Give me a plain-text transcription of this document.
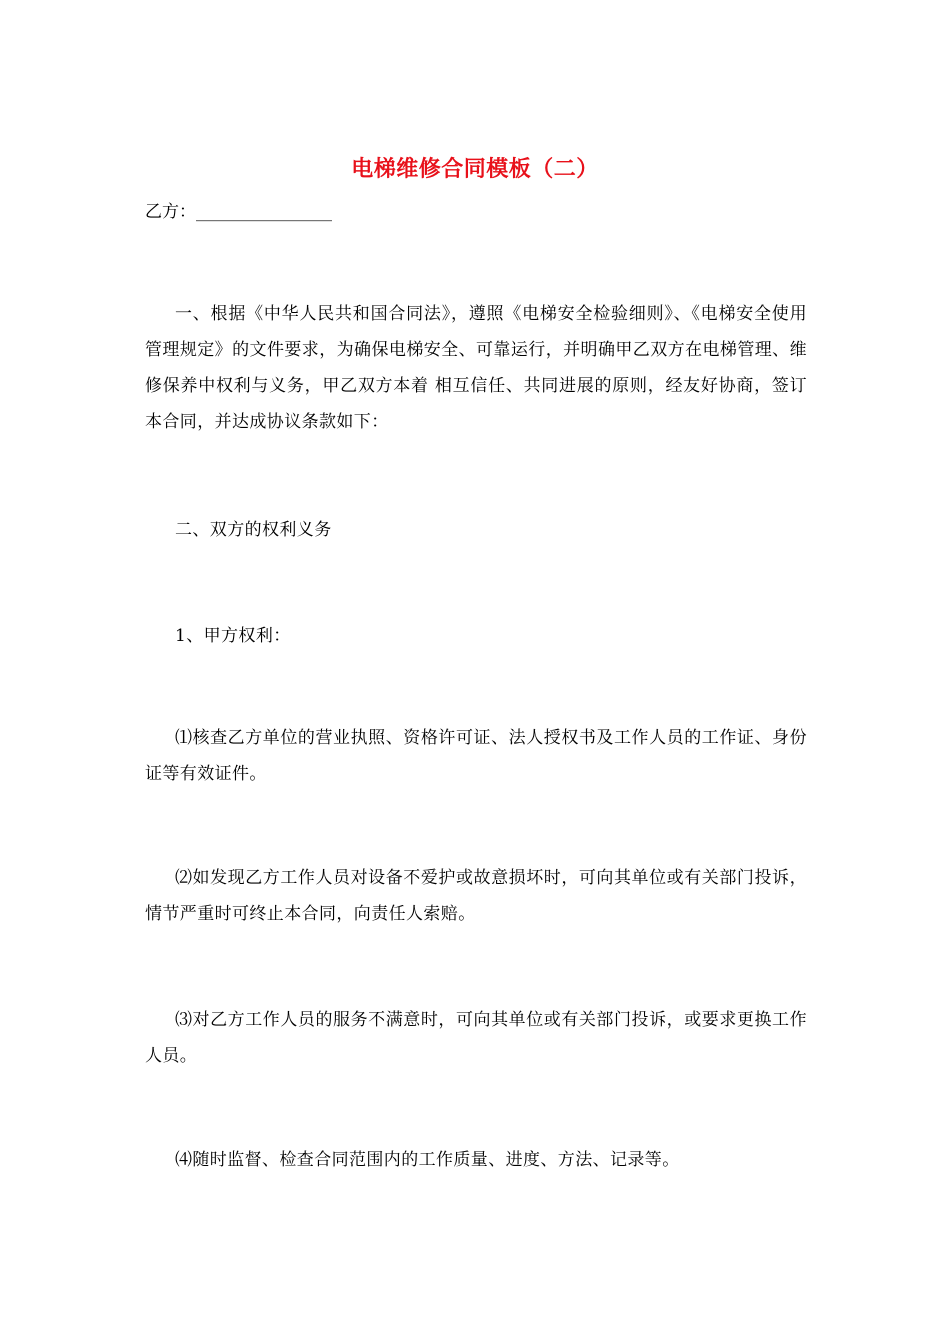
电梯维修合同模板（二）
乙方：________________
一、根据《中华人民共和国合同法》，遵照《电梯安全检验细则》、《电梯安全使用管理规定》的文件要求，为确保电梯安全、可靠运行，并明确甲乙双方在电梯管理、维修保养中权利与义务，甲乙双方本着 相互信任、共同进展的原则，经友好协商，签订本合同，并达成协议条款如下：
二、双方的权利义务
1、甲方权利：
⑴核查乙方单位的营业执照、资格许可证、法人授权书及工作人员的工作证、身份证等有效证件。
⑵如发现乙方工作人员对设备不爱护或故意损坏时，可向其单位或有关部门投诉，情节严重时可终止本合同，向责任人索赔。
⑶对乙方工作人员的服务不满意时，可向其单位或有关部门投诉，或要求更换工作人员。
⑷随时监督、检查合同范围内的工作质量、进度、方法、记录等。
